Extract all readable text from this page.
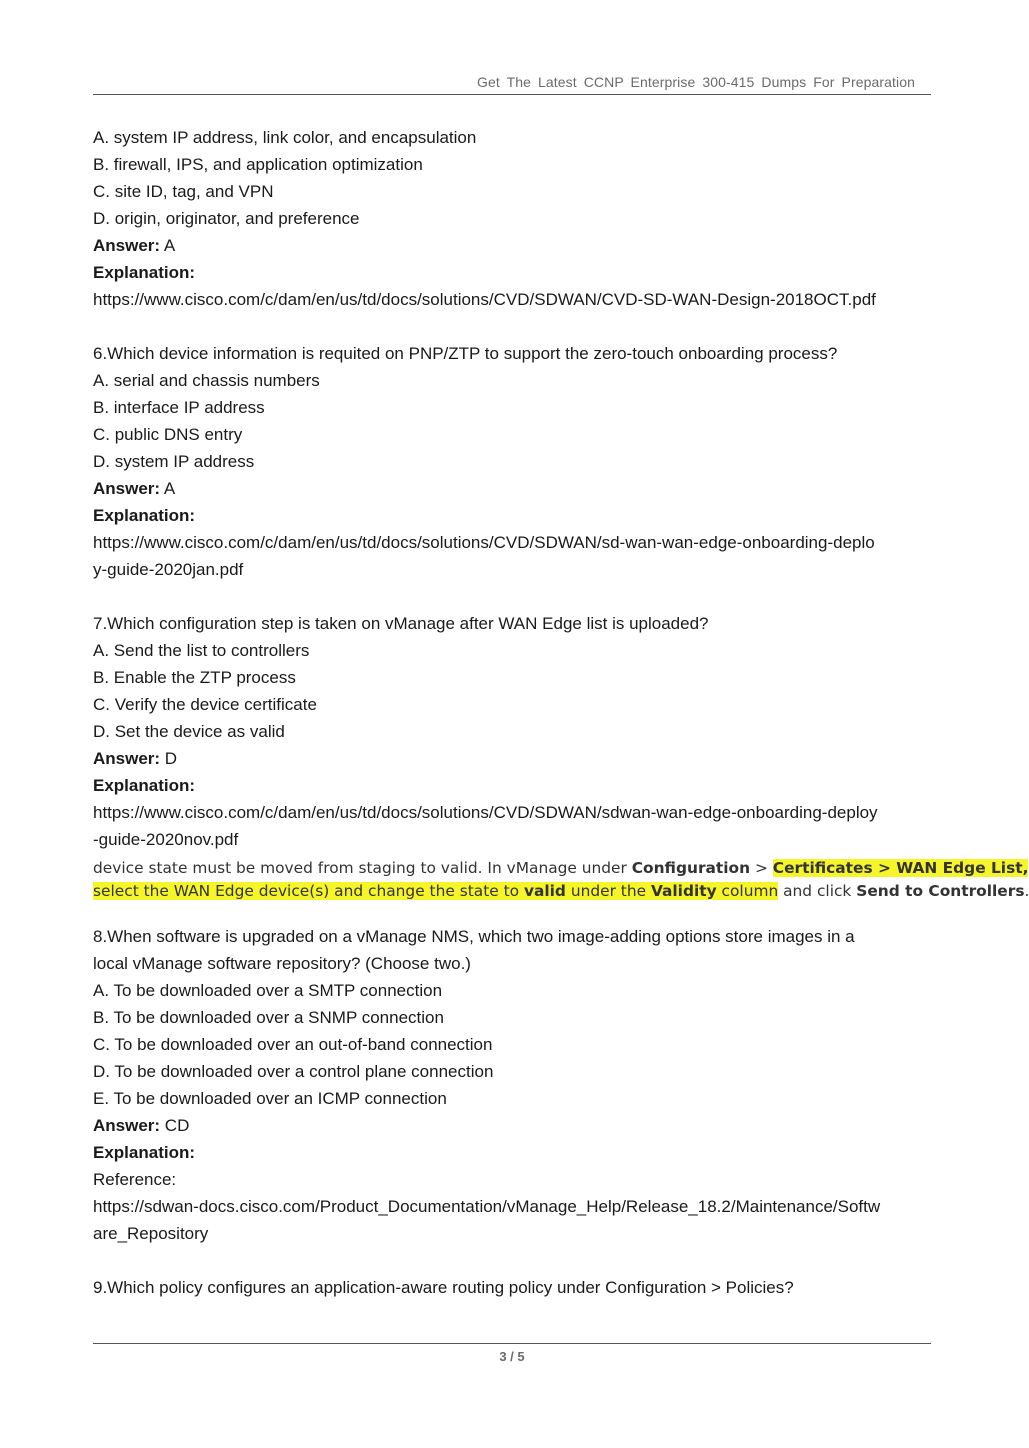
Get The Latest CCNP Enterprise 300-415 Dumps For Preparation
A. system IP address, link color, and encapsulation
B. firewall, IPS, and application optimization
C. site ID, tag, and VPN
D. origin, originator, and preference
Answer: A
Explanation:
https://www.cisco.com/c/dam/en/us/td/docs/solutions/CVD/SDWAN/CVD-SD-WAN-Design-2018OCT.pdf
6.Which device information is requited on PNP/ZTP to support the zero-touch onboarding process?
A. serial and chassis numbers
B. interface IP address
C. public DNS entry
D. system IP address
Answer: A
Explanation:
https://www.cisco.com/c/dam/en/us/td/docs/solutions/CVD/SDWAN/sd-wan-wan-edge-onboarding-deplo
y-guide-2020jan.pdf
7.Which configuration step is taken on vManage after WAN Edge list is uploaded?
A. Send the list to controllers
B. Enable the ZTP process
C. Verify the device certificate
D. Set the device as valid
Answer: D
Explanation:
https://www.cisco.com/c/dam/en/us/td/docs/solutions/CVD/SDWAN/sdwan-wan-edge-onboarding-deploy
-guide-2020nov.pdf
device state must be moved from staging to valid. In vManage under Configuration > Certificates > WAN Edge List,
select the WAN Edge device(s) and change the state to valid under the Validity column and click Send to Controllers.
8.When software is upgraded on a vManage NMS, which two image-adding options store images in a
local vManage software repository? (Choose two.)
A. To be downloaded over a SMTP connection
B. To be downloaded over a SNMP connection
C. To be downloaded over an out-of-band connection
D. To be downloaded over a control plane connection
E. To be downloaded over an ICMP connection
Answer: CD
Explanation:
Reference:
https://sdwan-docs.cisco.com/Product_Documentation/vManage_Help/Release_18.2/Maintenance/Softw
are_Repository
9.Which policy configures an application-aware routing policy under Configuration > Policies?
3 / 5
